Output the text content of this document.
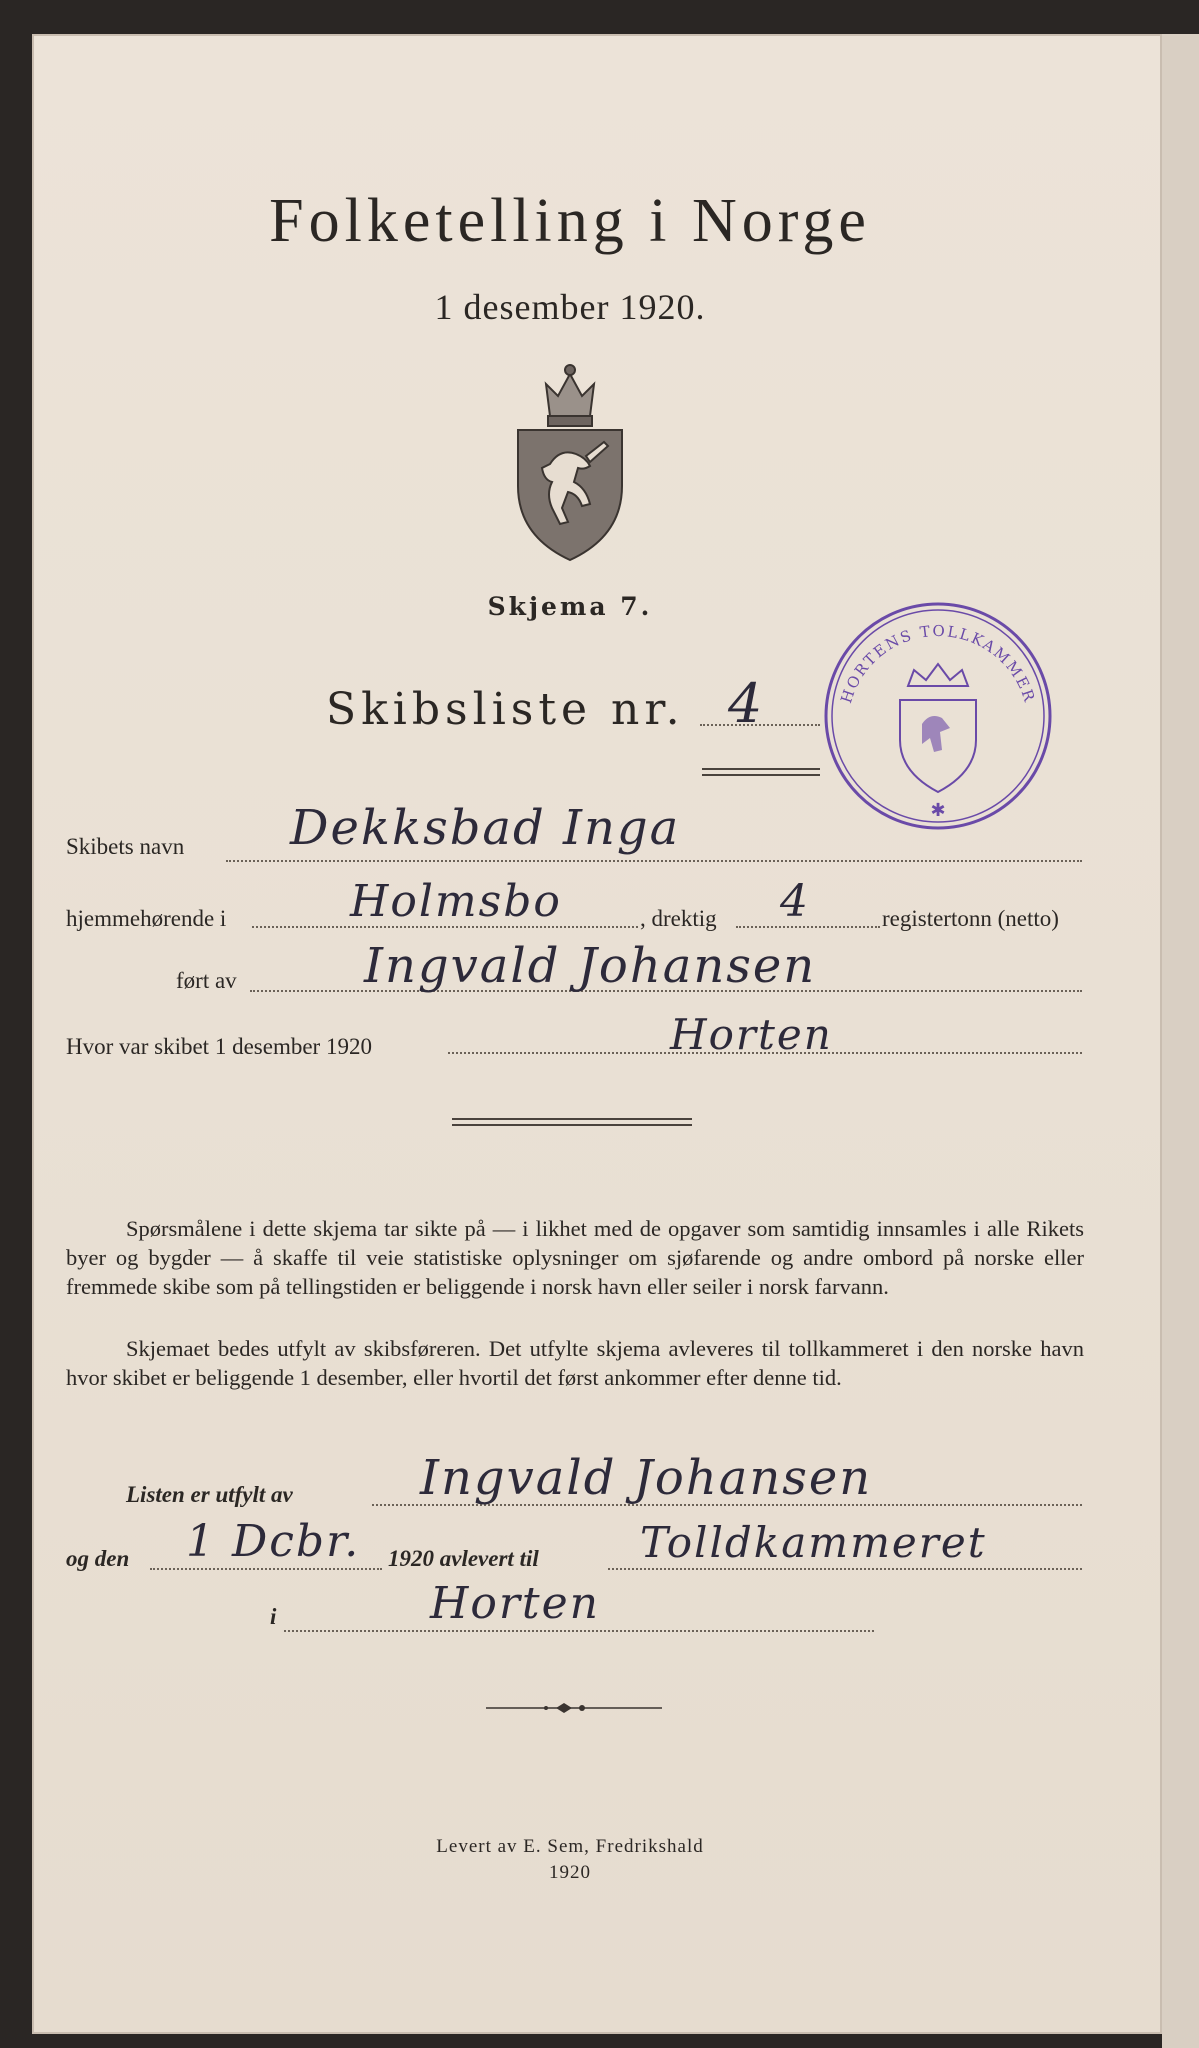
Folketelling i Norge
1 desember 1920.
Skjema 7.
Skibsliste nr. 4	HORTENS TOLLKAMMER
✱
Skibets navn Dekksbad Inga
hjemmehørende i	Holmsbo	, drektig 4	registertonn (netto)
ført av	Ingvald Johansen
Hvor var skibet 1 desember 1920	Horten
Spørsmålene i dette skjema tar sikte på — i likhet med de opgaver som samtidig innsamles i alle Rikets byer og bygder — å skaffe til veie statistiske oplysninger om sjøfarende og andre ombord på norske eller fremmede skibe som på tellingstiden er beliggende i norsk havn eller seiler i norsk farvann.
Skjemaet bedes utfylt av skibsføreren. Det utfylte skjema avleveres til tollkammeret i den norske havn hvor skibet er beliggende 1 desember, eller hvortil det først ankommer efter denne tid.
Listen er utfylt av	Ingvald Johansen
og den 1 Dcbr. 1920 avlevert til Tolldkammeret
i	Horten
Levert av E. Sem, Fredrikshald
1920
